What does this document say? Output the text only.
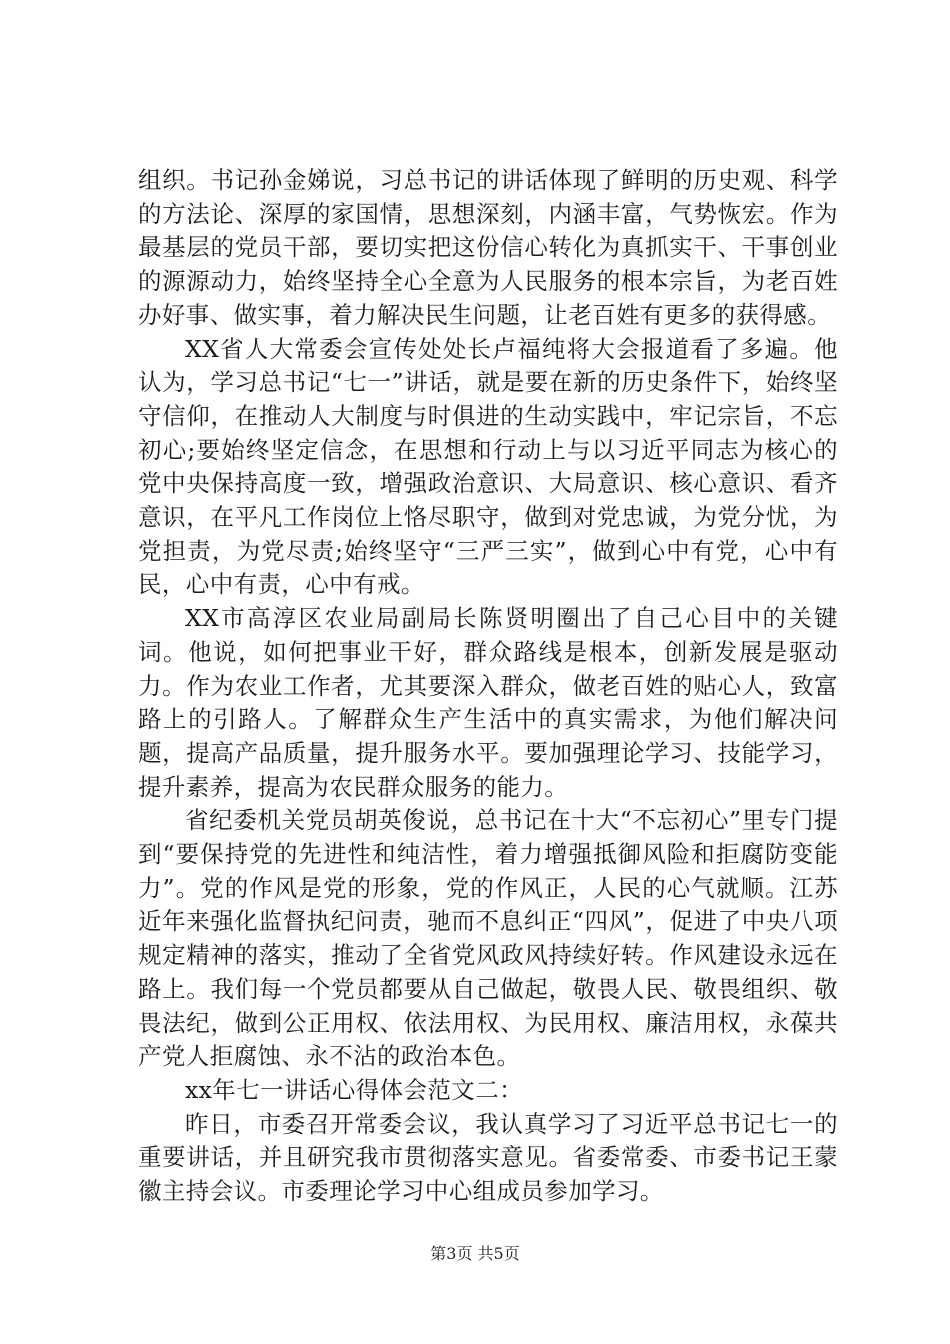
组织。书记孙金娣说，习总书记的讲话体现了鲜明的历史观、科学的方法论、深厚的家国情，思想深刻，内涵丰富，气势恢宏。作为最基层的党员干部，要切实把这份信心转化为真抓实干、干事创业的源源动力，始终坚持全心全意为人民服务的根本宗旨，为老百姓办好事、做实事，着力解决民生问题，让老百姓有更多的获得感。

XX省人大常委会宣传处处长卢福纯将大会报道看了多遍。他认为，学习总书记“七一”讲话，就是要在新的历史条件下，始终坚守信仰，在推动人大制度与时俱进的生动实践中，牢记宗旨，不忘初心;要始终坚定信念，在思想和行动上与以习近平同志为核心的党中央保持高度一致，增强政治意识、大局意识、核心意识、看齐意识，在平凡工作岗位上恪尽职守，做到对党忠诚，为党分忧，为党担责，为党尽责;始终坚守“三严三实”，做到心中有党，心中有民，心中有责，心中有戒。

XX市高淳区农业局副局长陈贤明圈出了自己心目中的关键词。他说，如何把事业干好，群众路线是根本，创新发展是驱动力。作为农业工作者，尤其要深入群众，做老百姓的贴心人，致富路上的引路人。了解群众生产生活中的真实需求，为他们解决问题，提高产品质量，提升服务水平。要加强理论学习、技能学习，提升素养，提高为农民群众服务的能力。

省纪委机关党员胡英俊说，总书记在十大“不忘初心”里专门提到“要保持党的先进性和纯洁性，着力增强抵御风险和拒腐防变能力”。党的作风是党的形象，党的作风正，人民的心气就顺。江苏近年来强化监督执纪问责，驰而不息纠正“四风”，促进了中央八项规定精神的落实，推动了全省党风政风持续好转。作风建设永远在路上。我们每一个党员都要从自己做起，敬畏人民、敬畏组织、敬畏法纪，做到公正用权、依法用权、为民用权、廉洁用权，永葆共产党人拒腐蚀、永不沾的政治本色。

xx年七一讲话心得体会范文二：

昨日，市委召开常委会议，我认真学习了习近平总书记七一的重要讲话，并且研究我市贯彻落实意见。省委常委、市委书记王蒙徽主持会议。市委理论学习中心组成员参加学习。

第3页 共5页
